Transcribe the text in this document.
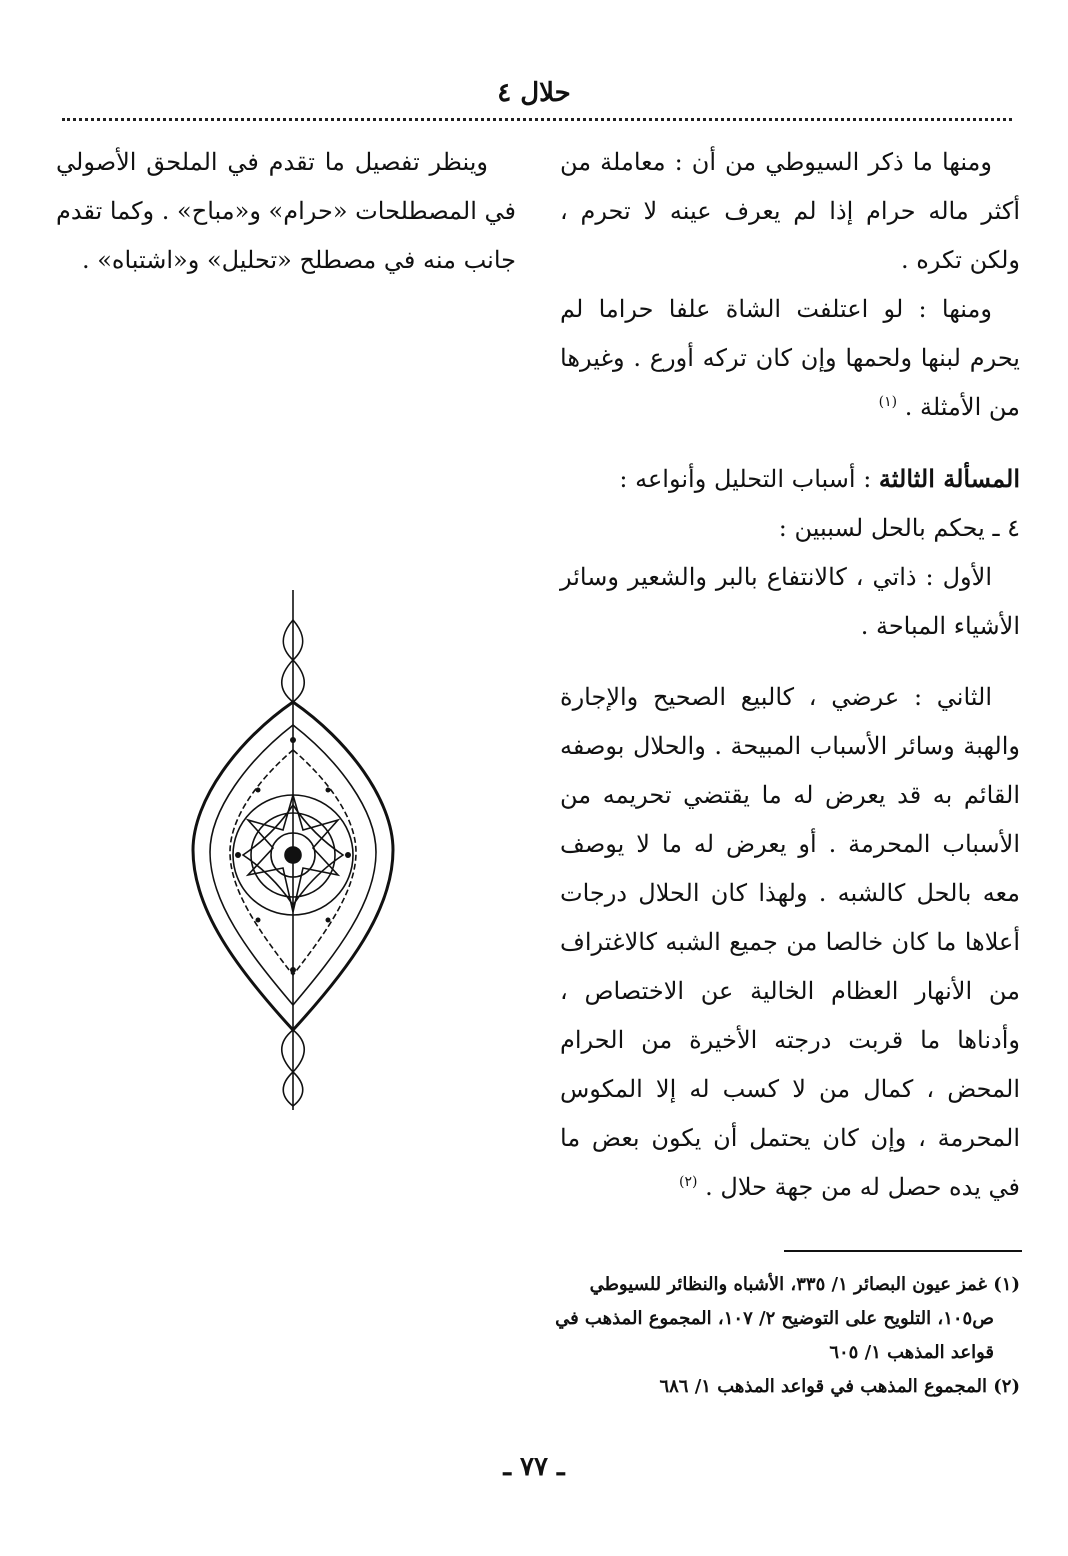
حلال ٤

ومنها ما ذكر السيوطي من أن : معاملة من أكثر ماله حرام إذا لم يعرف عينه لا تحرم ، ولكن تكره .

ومنها : لو اعتلفت الشاة علفا حراما لم يحرم لبنها ولحمها وإن كان تركه أورع . وغيرها من الأمثلة . $^{(١)}$

المسألة الثالثة : أسباب التحليل وأنواعه :

٤ ـ يحكم بالحل لسببين :

الأول : ذاتي ، كالانتفاع بالبر والشعير وسائر الأشياء المباحة .

الثاني : عرضي ، كالبيع الصحيح والإجارة والهبة وسائر الأسباب المبيحة . والحلال بوصفه القائم به قد يعرض له ما يقتضي تحريمه من الأسباب المحرمة . أو يعرض له ما لا يوصف معه بالحل كالشبه . ولهذا كان الحلال درجات أعلاها ما كان خالصا من جميع الشبه كالاغتراف من الأنهار العظام الخالية عن الاختصاص ، وأدناها ما قربت درجته الأخيرة من الحرام المحض ، كمال من لا كسب له إلا المكوس المحرمة ، وإن كان يحتمل أن يكون بعض ما في يده حصل له من جهة حلال . $^{(٢)}$

وينظر تفصيل ما تقدم في الملحق الأصولي في المصطلحات «حرام» و«مباح» . وكما تقدم جانب منه في مصطلح «تحليل» و«اشتباه» .

(١) غمز عيون البصائر ١/ ٣٣٥، الأشباه والنظائر للسيوطي
ص١٠٥، التلويح على التوضيح ٢/ ١٠٧، المجموع المذهب في قواعد المذهب ١/ ٦٠٥

(٢) المجموع المذهب في قواعد المذهب ١/ ٦٨٦

ـ ٧٧ ـ
